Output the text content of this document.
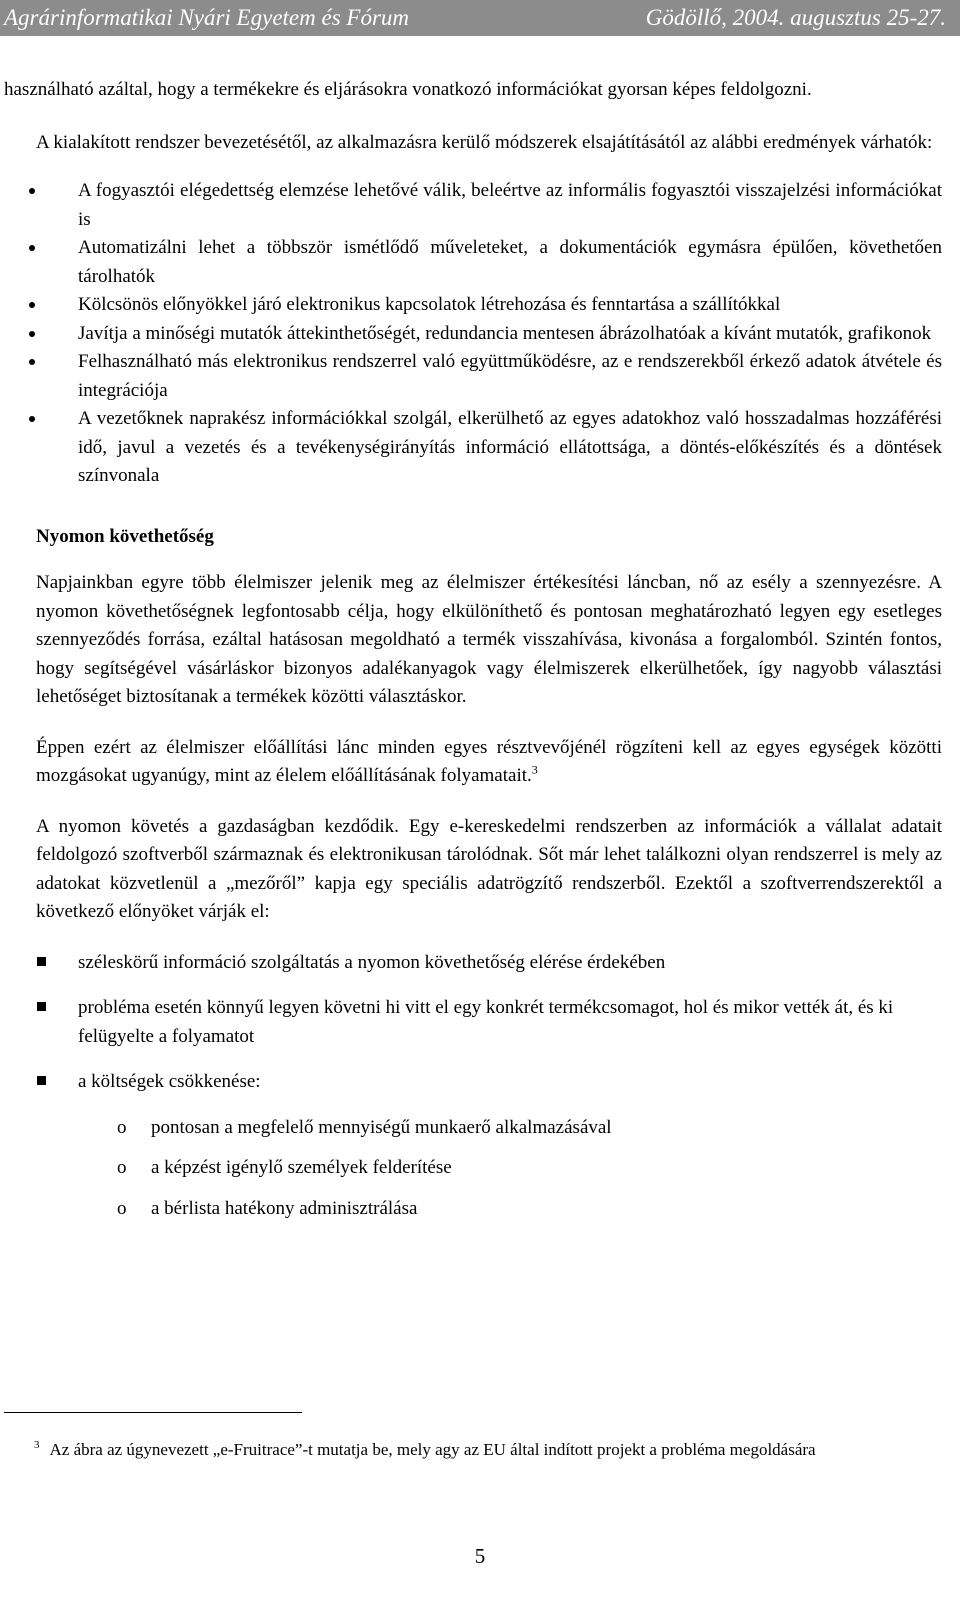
Agrárinformatikai Nyári Egyetem és Fórum	Gödöllő, 2004. augusztus 25-27.

használható azáltal, hogy a termékekre és eljárásokra vonatkozó információkat gyorsan képes feldolgozni.

A kialakított rendszer bevezetésétől, az alkalmazásra kerülő módszerek elsajátításától az alábbi eredmények várhatók:

A fogyasztói elégedettség elemzése lehetővé válik, beleértve az informális fogyasztói visszajelzési információkat is
Automatizálni lehet a többször ismétlődő műveleteket, a dokumentációk egymásra épülően, követhetően tárolhatók
Kölcsönös előnyökkel járó elektronikus kapcsolatok létrehozása és fenntartása a szállítókkal
Javítja a minőségi mutatók áttekinthetőségét, redundancia mentesen ábrázolhatóak a kívánt mutatók, grafikonok
Felhasználható más elektronikus rendszerrel való együttműködésre, az e rendszerekből érkező adatok átvétele és integrációja
A vezetőknek naprakész információkkal szolgál, elkerülhető az egyes adatokhoz való hosszadalmas hozzáférési idő, javul a vezetés és a tevékenységirányítás információ ellátottsága, a döntés-előkészítés és a döntések színvonala
Nyomon követhetőség

Napjainkban egyre több élelmiszer jelenik meg az élelmiszer értékesítési láncban, nő az esély a szennyezésre. A nyomon követhetőségnek legfontosabb célja, hogy elkülöníthető és pontosan meghatározható legyen egy esetleges szennyeződés forrása, ezáltal hatásosan megoldható a termék visszahívása, kivonása a forgalomból. Szintén fontos, hogy segítségével vásárláskor bizonyos adalékanyagok vagy élelmiszerek elkerülhetőek, így nagyobb választási lehetőséget biztosítanak a termékek közötti választáskor.

Éppen ezért az élelmiszer előállítási lánc minden egyes résztvevőjénél rögzíteni kell az egyes egységek közötti mozgásokat ugyanúgy, mint az élelem előállításának folyamatait.$^3$

A nyomon követés a gazdaságban kezdődik. Egy e-kereskedelmi rendszerben az információk a vállalat adatait feldolgozó szoftverből származnak és elektronikusan tárolódnak. Sőt már lehet találkozni olyan rendszerrel is mely az adatokat közvetlenül a „mezőről” kapja egy speciális adatrögzítő rendszerből. Ezektől a szoftverrendszerektől a következő előnyöket várják el:

széleskörű információ szolgáltatás a nyomon követhetőség elérése érdekében
probléma esetén könnyű legyen követni hi vitt el egy konkrét termékcsomagot, hol és mikor vették át, és ki felügyelte a folyamatot
a költségek csökkenése:
o pontosan a megfelelő mennyiségű munkaerő alkalmazásával
o a képzést igénylő személyek felderítése
o a bérlista hatékony adminisztrálása
$^3$ Az ábra az úgynevezett „e-Fruitrace”-t mutatja be, mely agy az EU által indított projekt a probléma megoldására
5
